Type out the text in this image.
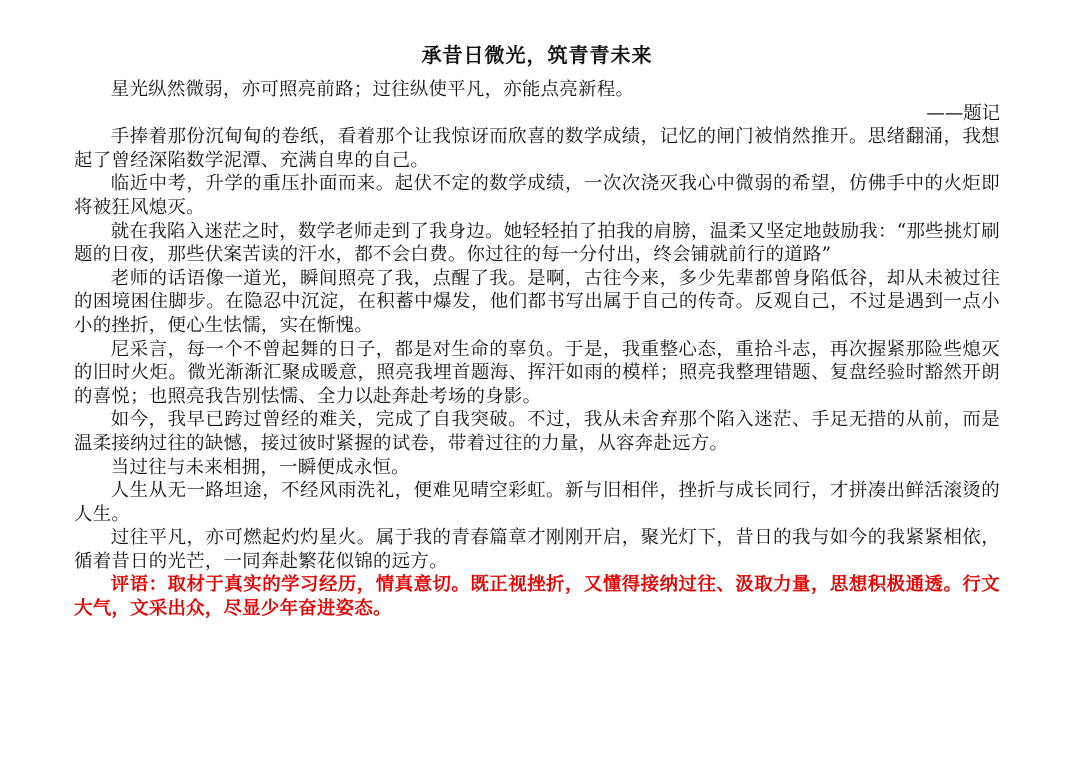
承昔日微光，筑青青未来

星光纵然微弱，亦可照亮前路；过往纵使平凡，亦能点亮新程。

——题记

手捧着那份沉甸甸的卷纸，看着那个让我惊讶而欣喜的数学成绩，记忆的闸门被悄然推开。思绪翻涌，我想起了曾经深陷数学泥潭、充满自卑的自己。

临近中考，升学的重压扑面而来。起伏不定的数学成绩，一次次浇灭我心中微弱的希望，仿佛手中的火炬即将被狂风熄灭。

就在我陷入迷茫之时，数学老师走到了我身边。她轻轻拍了拍我的肩膀，温柔又坚定地鼓励我：“那些挑灯刷题的日夜，那些伏案苦读的汗水，都不会白费。你过往的每一分付出，终会铺就前行的道路”

老师的话语像一道光，瞬间照亮了我，点醒了我。是啊，古往今来，多少先辈都曾身陷低谷，却从未被过往的困境困住脚步。在隐忍中沉淀，在积蓄中爆发，他们都书写出属于自己的传奇。反观自己，不过是遇到一点小小的挫折，便心生怯懦，实在惭愧。

尼采言，每一个不曾起舞的日子，都是对生命的辜负。于是，我重整心态，重拾斗志，再次握紧那险些熄灭的旧时火炬。微光渐渐汇聚成暖意，照亮我埋首题海、挥汗如雨的模样；照亮我整理错题、复盘经验时豁然开朗的喜悦；也照亮我告别怯懦、全力以赴奔赴考场的身影。

如今，我早已跨过曾经的难关，完成了自我突破。不过，我从未舍弃那个陷入迷茫、手足无措的从前，而是温柔接纳过往的缺憾，接过彼时紧握的试卷，带着过往的力量，从容奔赴远方。

当过往与未来相拥，一瞬便成永恒。

人生从无一路坦途，不经风雨洗礼，便难见晴空彩虹。新与旧相伴，挫折与成长同行，才拼凑出鲜活滚烫的人生。

过往平凡，亦可燃起灼灼星火。属于我的青春篇章才刚刚开启，聚光灯下，昔日的我与如今的我紧紧相依，循着昔日的光芒，一同奔赴繁花似锦的远方。

评语：取材于真实的学习经历，情真意切。既正视挫折，又懂得接纳过往、汲取力量，思想积极通透。行文大气，文采出众，尽显少年奋进姿态。
